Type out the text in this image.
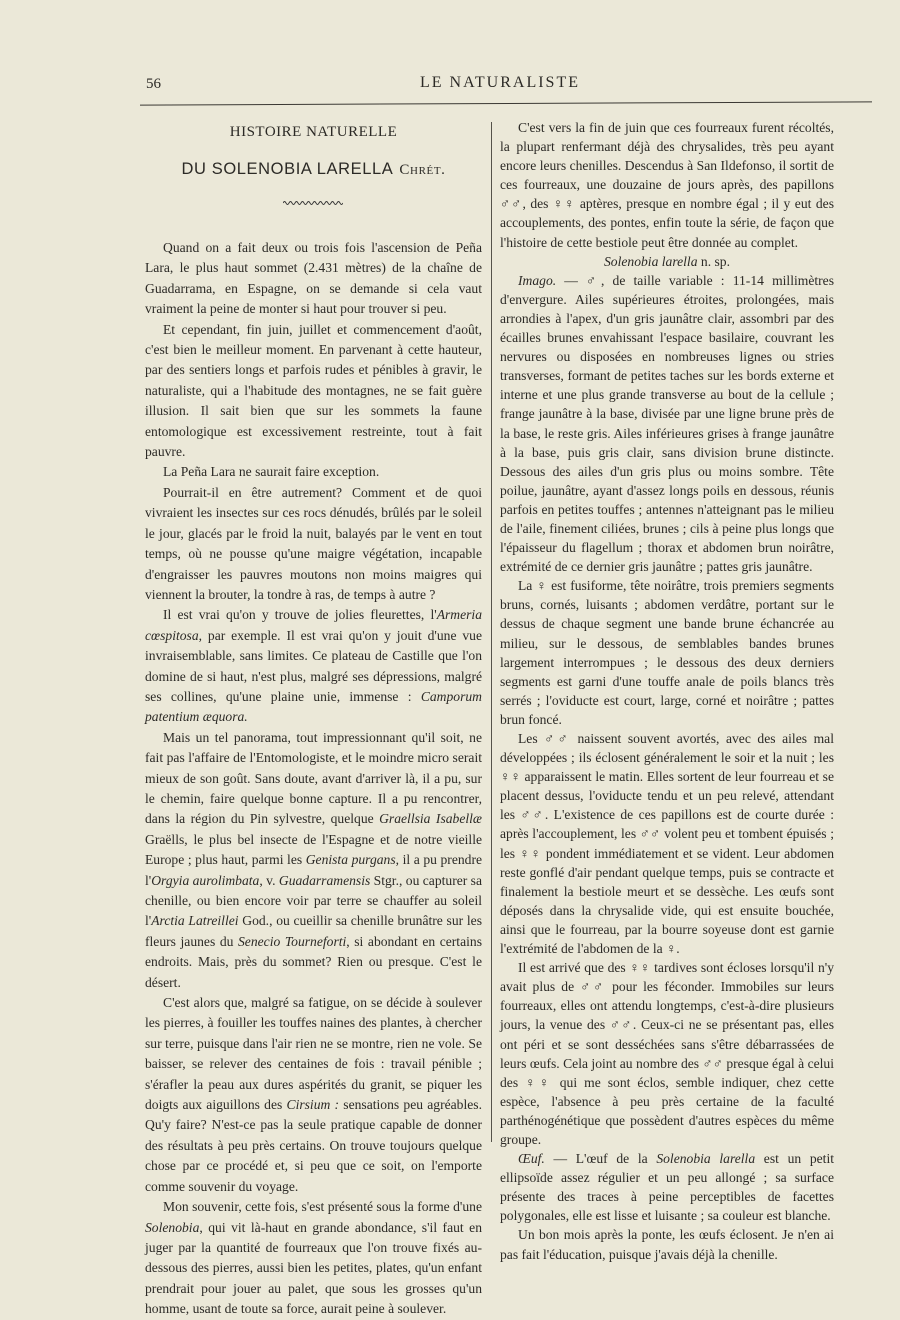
56	LE NATURALISTE
HISTOIRE NATURELLE
DU SOLENOBIA LARELLA Chrét.

Quand on a fait deux ou trois fois l'ascension de Peña Lara, le plus haut sommet (2.431 mètres) de la chaîne de Guadarrama, en Espagne, on se demande si cela vaut vraiment la peine de monter si haut pour trouver si peu.

Et cependant, fin juin, juillet et commencement d'août, c'est bien le meilleur moment. En parvenant à cette hauteur, par des sentiers longs et parfois rudes et pénibles à gravir, le naturaliste, qui a l'habitude des montagnes, ne se fait guère illusion. Il sait bien que sur les sommets la faune entomologique est excessivement restreinte, tout à fait pauvre.

La Peña Lara ne saurait faire exception.

Pourrait-il en être autrement? Comment et de quoi vivraient les insectes sur ces rocs dénudés, brûlés par le soleil le jour, glacés par le froid la nuit, balayés par le vent en tout temps, où ne pousse qu'une maigre végétation, incapable d'engraisser les pauvres moutons non moins maigres qui viennent la brouter, la tondre à ras, de temps à autre ?

Il est vrai qu'on y trouve de jolies fleurettes, l'Armeria cœspitosa, par exemple. Il est vrai qu'on y jouit d'une vue invraisemblable, sans limites. Ce plateau de Castille que l'on domine de si haut, n'est plus, malgré ses dépressions, malgré ses collines, qu'une plaine unie, immense : Camporum patentium æquora.

Mais un tel panorama, tout impressionnant qu'il soit, ne fait pas l'affaire de l'Entomologiste, et le moindre micro serait mieux de son goût. Sans doute, avant d'arriver là, il a pu, sur le chemin, faire quelque bonne capture. Il a pu rencontrer, dans la région du Pin sylvestre, quelque Graellsia Isabellæ Graëlls, le plus bel insecte de l'Espagne et de notre vieille Europe ; plus haut, parmi les Genista purgans, il a pu prendre l'Orgyia aurolimbata, v. Guadarramensis Stgr., ou capturer sa chenille, ou bien encore voir par terre se chauffer au soleil l'Arctia Latreillei God., ou cueillir sa chenille brunâtre sur les fleurs jaunes du Senecio Tourneforti, si abondant en certains endroits. Mais, près du sommet? Rien ou presque. C'est le désert.

C'est alors que, malgré sa fatigue, on se décide à soulever les pierres, à fouiller les touffes naines des plantes, à chercher sur terre, puisque dans l'air rien ne se montre, rien ne vole. Se baisser, se relever des centaines de fois : travail pénible ; s'érafler la peau aux dures aspérités du granit, se piquer les doigts aux aiguillons des Cirsium : sensations peu agréables. Qu'y faire? N'est-ce pas la seule pratique capable de donner des résultats à peu près certains. On trouve toujours quelque chose par ce procédé et, si peu que ce soit, on l'emporte comme souvenir du voyage.

Mon souvenir, cette fois, s'est présenté sous la forme d'une Solenobia, qui vit là-haut en grande abondance, s'il faut en juger par la quantité de fourreaux que l'on trouve fixés au-dessous des pierres, aussi bien les petites, plates, qu'un enfant prendrait pour jouer au palet, que sous les grosses qu'un homme, usant de toute sa force, aurait peine à soulever.

C'est vers la fin de juin que ces fourreaux furent récoltés, la plupart renfermant déjà des chrysalides, très peu ayant encore leurs chenilles. Descendus à San Ildefonso, il sortit de ces fourreaux, une douzaine de jours après, des papillons ♂♂, des ♀♀ aptères, presque en nombre égal ; il y eut des accouplements, des pontes, enfin toute la série, de façon que l'histoire de cette bestiole peut être donnée au complet.

Solenobia larella n. sp.

Imago. — ♂, de taille variable : 11-14 millimètres d'envergure. Ailes supérieures étroites, prolongées, mais arrondies à l'apex, d'un gris jaunâtre clair, assombri par des écailles brunes envahissant l'espace basilaire, couvrant les nervures ou disposées en nombreuses lignes ou stries transverses, formant de petites taches sur les bords externe et interne et une plus grande transverse au bout de la cellule ; frange jaunâtre à la base, divisée par une ligne brune près de la base, le reste gris. Ailes inférieures grises à frange jaunâtre à la base, puis gris clair, sans division brune distincte. Dessous des ailes d'un gris plus ou moins sombre. Tête poilue, jaunâtre, ayant d'assez longs poils en dessous, réunis parfois en petites touffes ; antennes n'atteignant pas le milieu de l'aile, finement ciliées, brunes ; cils à peine plus longs que l'épaisseur du flagellum ; thorax et abdomen brun noirâtre, extrémité de ce dernier gris jaunâtre ; pattes gris jaunâtre.

La ♀ est fusiforme, tête noirâtre, trois premiers segments bruns, cornés, luisants ; abdomen verdâtre, portant sur le dessus de chaque segment une bande brune échancrée au milieu, sur le dessous, de semblables bandes brunes largement interrompues ; le dessous des deux derniers segments est garni d'une touffe anale de poils blancs très serrés ; l'oviducte est court, large, corné et noirâtre ; pattes brun foncé.

Les ♂♂ naissent souvent avortés, avec des ailes mal développées ; ils éclosent généralement le soir et la nuit ; les ♀♀ apparaissent le matin. Elles sortent de leur fourreau et se placent dessus, l'oviducte tendu et un peu relevé, attendant les ♂♂. L'existence de ces papillons est de courte durée : après l'accouplement, les ♂♂ volent peu et tombent épuisés ; les ♀♀ pondent immédiatement et se vident. Leur abdomen reste gonflé d'air pendant quelque temps, puis se contracte et finalement la bestiole meurt et se dessèche. Les œufs sont déposés dans la chrysalide vide, qui est ensuite bouchée, ainsi que le fourreau, par la bourre soyeuse dont est garnie l'extrémité de l'abdomen de la ♀.

Il est arrivé que des ♀♀ tardives sont écloses lorsqu'il n'y avait plus de ♂♂ pour les féconder. Immobiles sur leurs fourreaux, elles ont attendu longtemps, c'est-à-dire plusieurs jours, la venue des ♂♂. Ceux-ci ne se présentant pas, elles ont péri et se sont desséchées sans s'être débarrassées de leurs œufs. Cela joint au nombre des ♂♂ presque égal à celui des ♀♀ qui me sont éclos, semble indiquer, chez cette espèce, l'absence à peu près certaine de la faculté parthénogénétique que possèdent d'autres espèces du même groupe.

Œuf. — L'œuf de la Solenobia larella est un petit ellipsoïde assez régulier et un peu allongé ; sa surface présente des traces à peine perceptibles de facettes polygonales, elle est lisse et luisante ; sa couleur est blanche.

Un bon mois après la ponte, les œufs éclosent. Je n'en ai pas fait l'éducation, puisque j'avais déjà la chenille.
